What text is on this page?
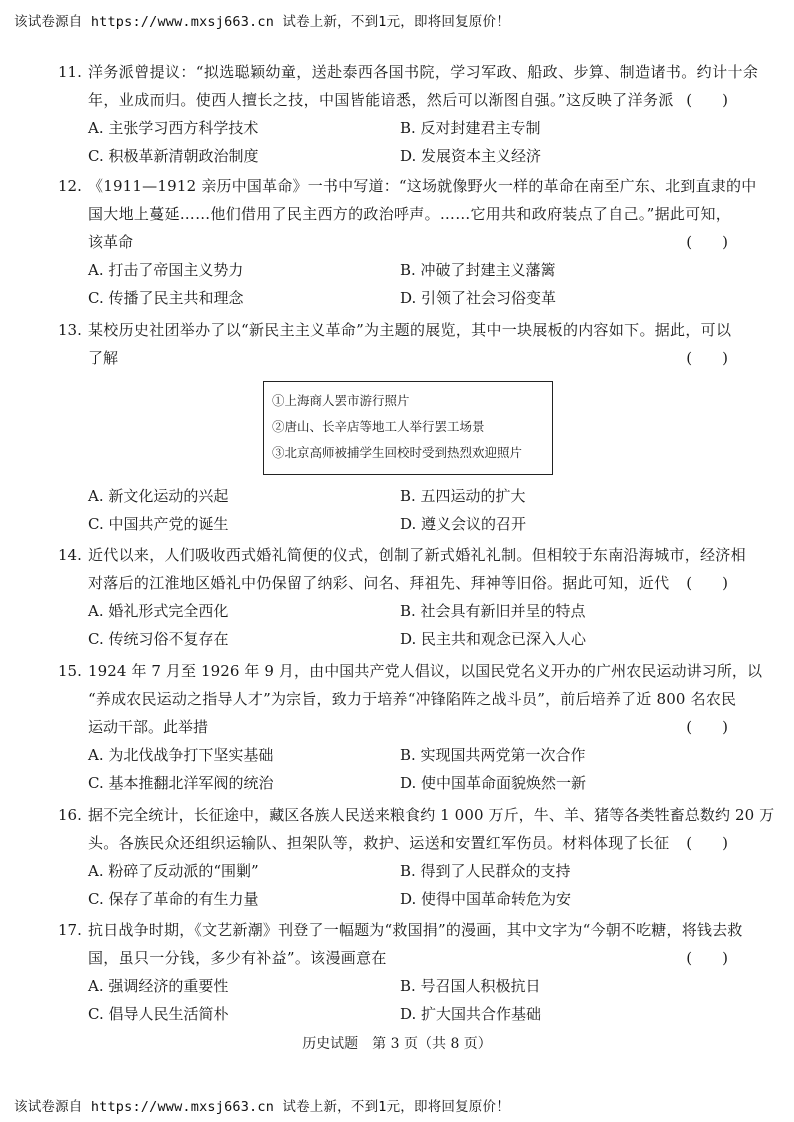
该试卷源自 https://www.mxsj663.cn 试卷上新，不到1元，即将回复原价！
11. 洋务派曾提议：“拟选聪颖幼童，送赴泰西各国书院，学习军政、船政、步算、制造诸书。约计十余
年，业成而归。使西人擅长之技，中国皆能谙悉，然后可以渐图自强。”这反映了洋务派 (　　)
A. 主张学习西方科学技术	B. 反对封建君主专制
C. 积极革新清朝政治制度	D. 发展资本主义经济
12. 《1911—1912 亲历中国革命》一书中写道：“这场就像野火一样的革命在南至广东、北到直隶的中
国大地上蔓延……他们借用了民主西方的政治呼声。……它用共和政府装点了自己。”据此可知，
该革命	(　　)
A. 打击了帝国主义势力	B. 冲破了封建主义藩篱
C. 传播了民主共和理念	D. 引领了社会习俗变革
13. 某校历史社团举办了以“新民主主义革命”为主题的展览，其中一块展板的内容如下。据此，可以
了解	(　　)
①上海商人罢市游行照片
②唐山、长辛店等地工人举行罢工场景
③北京高师被捕学生回校时受到热烈欢迎照片
A. 新文化运动的兴起	B. 五四运动的扩大
C. 中国共产党的诞生	D. 遵义会议的召开
14. 近代以来，人们吸收西式婚礼简便的仪式，创制了新式婚礼礼制。但相较于东南沿海城市，经济相
对落后的江淮地区婚礼中仍保留了纳彩、问名、拜祖先、拜神等旧俗。据此可知，近代 (　　)
A. 婚礼形式完全西化	B. 社会具有新旧并呈的特点
C. 传统习俗不复存在	D. 民主共和观念已深入人心
15. 1924 年 7 月至 1926 年 9 月，由中国共产党人倡议，以国民党名义开办的广州农民运动讲习所，以
“养成农民运动之指导人才”为宗旨，致力于培养“冲锋陷阵之战斗员”，前后培养了近 800 名农民
运动干部。此举措	(　　)
A. 为北伐战争打下坚实基础	B. 实现国共两党第一次合作
C. 基本推翻北洋军阀的统治	D. 使中国革命面貌焕然一新
16. 据不完全统计，长征途中，藏区各族人民送来粮食约 1 000 万斤，牛、羊、猪等各类牲畜总数约 20 万
头。各族民众还组织运输队、担架队等，救护、运送和安置红军伤员。材料体现了长征 (　　)
A. 粉碎了反动派的“围剿”	B. 得到了人民群众的支持
C. 保存了革命的有生力量	D. 使得中国革命转危为安
17. 抗日战争时期，《文艺新潮》刊登了一幅题为“救国捐”的漫画，其中文字为“今朝不吃糖，将钱去救
国，虽只一分钱，多少有补益”。该漫画意在	(　　)
A. 强调经济的重要性	B. 号召国人积极抗日
C. 倡导人民生活简朴	D. 扩大国共合作基础
历史试题　第 3 页（共 8 页）
该试卷源自 https://www.mxsj663.cn 试卷上新，不到1元，即将回复原价！
